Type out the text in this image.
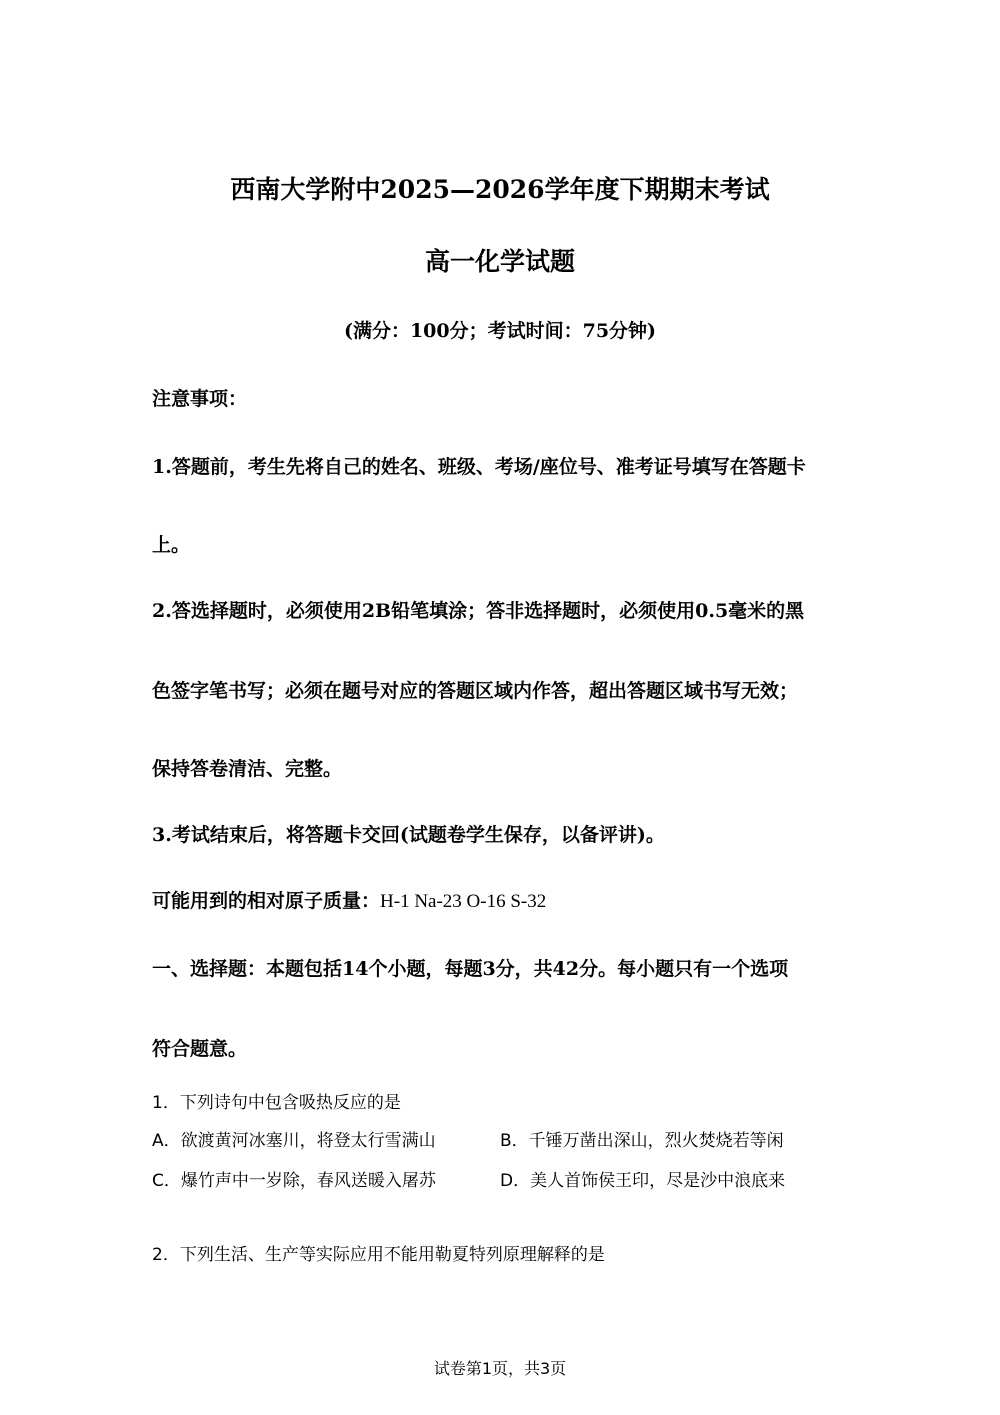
西南大学附中2025—2026学年度下期期末考试
高一化学试题
(满分：100分；考试时间：75分钟)
注意事项：
1.答题前，考生先将自己的姓名、班级、考场/座位号、准考证号填写在答题卡
上。
2.答选择题时，必须使用2B铅笔填涂；答非选择题时，必须使用0.5毫米的黑
色签字笔书写；必须在题号对应的答题区域内作答，超出答题区域书写无效；
保持答卷清洁、完整。
3.考试结束后，将答题卡交回(试题卷学生保存，以备评讲)。
可能用到的相对原子质量：H-1 Na-23 O-16 S-32
一、选择题：本题包括14个小题，每题3分，共42分。每小题只有一个选项
符合题意。
1．下列诗句中包含吸热反应的是
A．欲渡黄河冰塞川，将登太行雪满山	B．千锤万凿出深山，烈火焚烧若等闲
C．爆竹声中一岁除，春风送暖入屠苏	D．美人首饰侯王印，尽是沙中浪底来
2．下列生活、生产等实际应用不能用勒夏特列原理解释的是
试卷第1页，共3页
